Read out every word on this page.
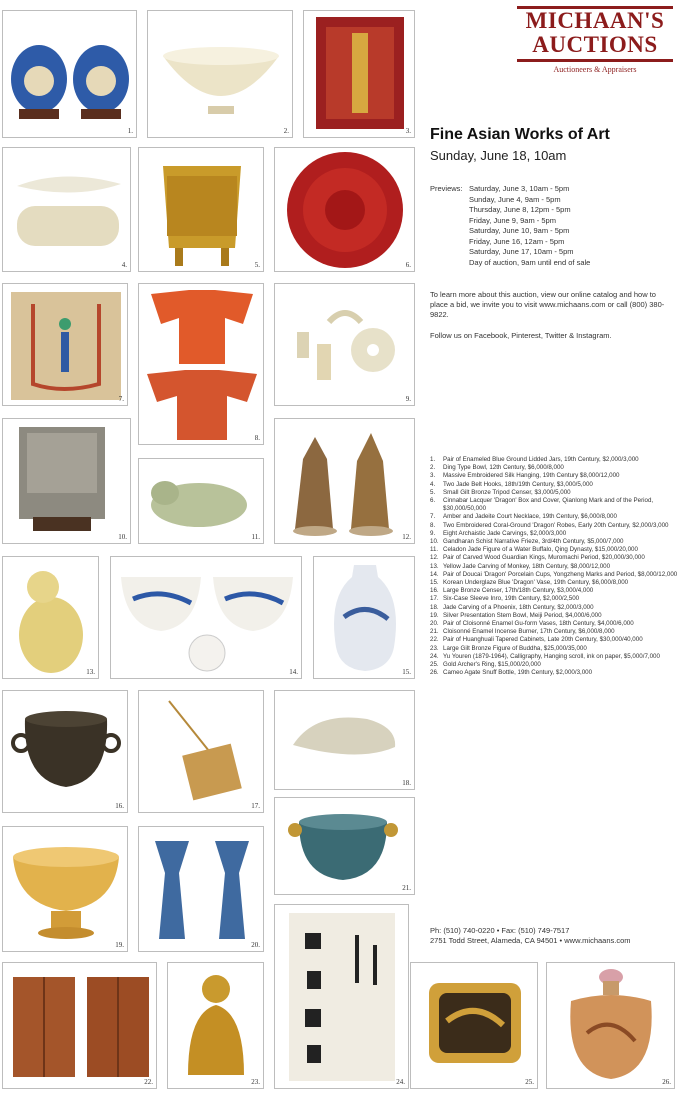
MICHAAN'S
AUCTIONS
Auctioneers & Appraisers
Fine Asian Works of Art
Sunday, June 18, 10am
Previews: Saturday, June 3, 10am - 5pm
Sunday, June 4, 9am - 5pm
Thursday, June 8, 12pm - 5pm
Friday, June 9, 9am - 5pm
Saturday, June 10, 9am - 5pm
Friday, June 16, 12am - 5pm
Saturday, June 17, 10am - 5pm
Day of auction, 9am until end of sale
To learn more about this auction, view our online catalog and how to place a bid, we invite you to visit www.michaans.com or call (800) 380-9822.
Follow us on Facebook, Pinterest, Twitter & Instagram.
1. Pair of Enameled Blue Ground Lidded Jars, 19th Century, $2,000/3,000
2. Ding Type Bowl, 12th Century, $6,000/8,000
3. Massive Embroidered Silk Hanging, 19th Century $8,000/12,000
4. Two Jade Belt Hooks, 18th/19th Century, $3,000/5,000
5. Small Gilt Bronze Tripod Censer, $3,000/5,000
6. Cinnabar Lacquer 'Dragon' Box and Cover, Qianlong Mark and of the Period, $30,000/50,000
7. Amber and Jadeite Court Necklace, 19th Century, $6,000/8,000
8. Two Embroidered Coral-Ground 'Dragon' Robes, Early 20th Century, $2,000/3,000
9. Eight Archaistic Jade Carvings, $2,000/3,000
10. Gandharan Schist Narrative Frieze, 3rd/4th Century, $5,000/7,000
11. Celadon Jade Figure of a Water Buffalo, Qing Dynasty, $15,000/20,000
12. Pair of Carved Wood Guardian Kings, Muromachi Period, $20,000/30,000
13. Yellow Jade Carving of Monkey, 18th Century, $8,000/12,000
14. Pair of Doucai 'Dragon' Porcelain Cups, Yongzheng Marks and Period, $8,000/12,000
15. Korean Underglaze Blue 'Dragon' Vase, 19th Century, $6,000/8,000
16. Large Bronze Censer, 17th/18th Century, $3,000/4,000
17. Six-Case Sleeve Inro, 19th Century, $2,000/2,500
18. Jade Carving of a Phoenix, 18th Century, $2,000/3,000
19. Silver Presentation Stem Bowl, Meiji Period, $4,000/6,000
20. Pair of Cloisonné Enamel Gu-form Vases, 18th Century, $4,000/6,000
21. Cloisonné Enamel Incense Burner, 17th Century, $6,000/8,000
22. Pair of Huanghuali Tapered Cabinets, Late 20th Century, $30,000/40,000
23. Large Gilt Bronze Figure of Buddha, $25,000/35,000
24. Yu Youren (1879-1964), Calligraphy, Hanging scroll, ink on paper, $5,000/7,000
25. Gold Archer's Ring, $15,000/20,000
26. Cameo Agate Snuff Bottle, 19th Century, $2,000/3,000
Ph: (510) 740-0220 • Fax: (510) 749-7517
2751 Todd Street, Alameda, CA 94501 • www.michaans.com
1.	2.	3.
4.	5.	6.
7.
8.
9.
10.	11.	12.
13.	14.	15.
16.	17.
18.
19.	20.
21.
22.	23.	24.	25.	26.
